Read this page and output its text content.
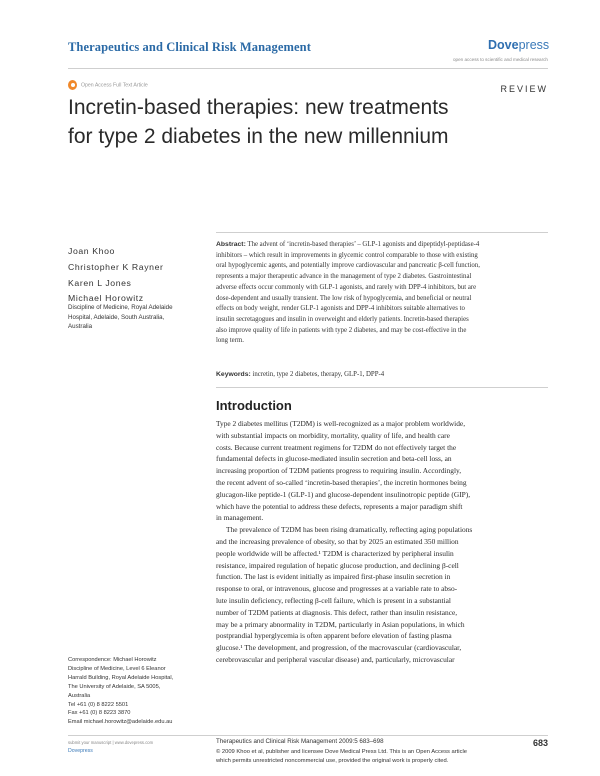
Therapeutics and Clinical Risk Management	Dovepress
open access to scientific and medical research
Open Access Full Text Article	REVIEW
Incretin-based therapies: new treatments
for type 2 diabetes in the new millennium
Joan Khoo
Christopher K Rayner
Karen L Jones
Michael Horowitz
Discipline of Medicine, Royal Adelaide
Hospital, Adelaide, South Australia,
Australia
Abstract: The advent of ‘incretin-based therapies’ – GLP-1 agonists and dipeptidyl-peptidase-4
inhibitors – which result in improvements in glycemic control comparable to those with existing
oral hypoglycemic agents, and potentially improve cardiovascular and pancreatic β-cell function,
represents a major therapeutic advance in the management of type 2 diabetes. Gastrointestinal
adverse effects occur commonly with GLP-1 agonists, and rarely with DPP-4 inhibitors, but are
dose-dependent and usually transient. The low risk of hypoglycemia, and beneficial or neutral
effects on body weight, render GLP-1 agonists and DPP-4 inhibitors suitable alternatives to
insulin secretagogues and insulin in overweight and elderly patients. Incretin-based therapies
also improve quality of life in patients with type 2 diabetes, and may be cost-effective in the
long term.
Keywords: incretin, type 2 diabetes, therapy, GLP-1, DPP-4
Introduction
Type 2 diabetes mellitus (T2DM) is well-recognized as a major problem worldwide,
with substantial impacts on morbidity, mortality, quality of life, and health care
costs. Because current treatment regimens for T2DM do not effectively target the
fundamental defects in glucose-mediated insulin secretion and beta-cell loss, an
increasing proportion of T2DM patients progress to requiring insulin. Accordingly,
the recent advent of so-called ‘incretin-based therapies’, the incretin hormones being
glucagon-like peptide-1 (GLP-1) and glucose-dependent insulinotropic peptide (GIP),
which have the potential to address these defects, represents a major paradigm shift
in management.
The prevalence of T2DM has been rising dramatically, reflecting aging populations
and the increasing prevalence of obesity, so that by 2025 an estimated 350 million
people worldwide will be affected.¹ T2DM is characterized by peripheral insulin
resistance, impaired regulation of hepatic glucose production, and declining β-cell
function. The last is evident initially as impaired first-phase insulin secretion in
response to oral, or intravenous, glucose and progresses at a variable rate to abso-
lute insulin deficiency, reflecting β-cell failure, which is present in a substantial
number of T2DM patients at diagnosis. This defect, rather than insulin resistance,
may be a primary abnormality in T2DM, particularly in Asian populations, in which
postprandial hyperglycemia is often apparent before elevation of fasting plasma
glucose.¹ The development, and progression, of the macrovascular (cardiovascular,
cerebrovascular and peripheral vascular disease) and, particularly, microvascular
Correspondence: Michael Horowitz
Discipline of Medicine, Level 6 Eleanor
Harrald Building, Royal Adelaide Hospital,
The University of Adelaide, SA 5005,
Australia
Tel +61 (0) 8 8222 5501
Fax +61 (0) 8 8223 3870
Email michael.horowitz@adelaide.edu.au
submit your manuscript | www.dovepress.com
Dovepress
Therapeutics and Clinical Risk Management 2009:5 683–698
© 2009 Khoo et al, publisher and licensee Dove Medical Press Ltd. This is an Open Access article
which permits unrestricted noncommercial use, provided the original work is properly cited.
683
